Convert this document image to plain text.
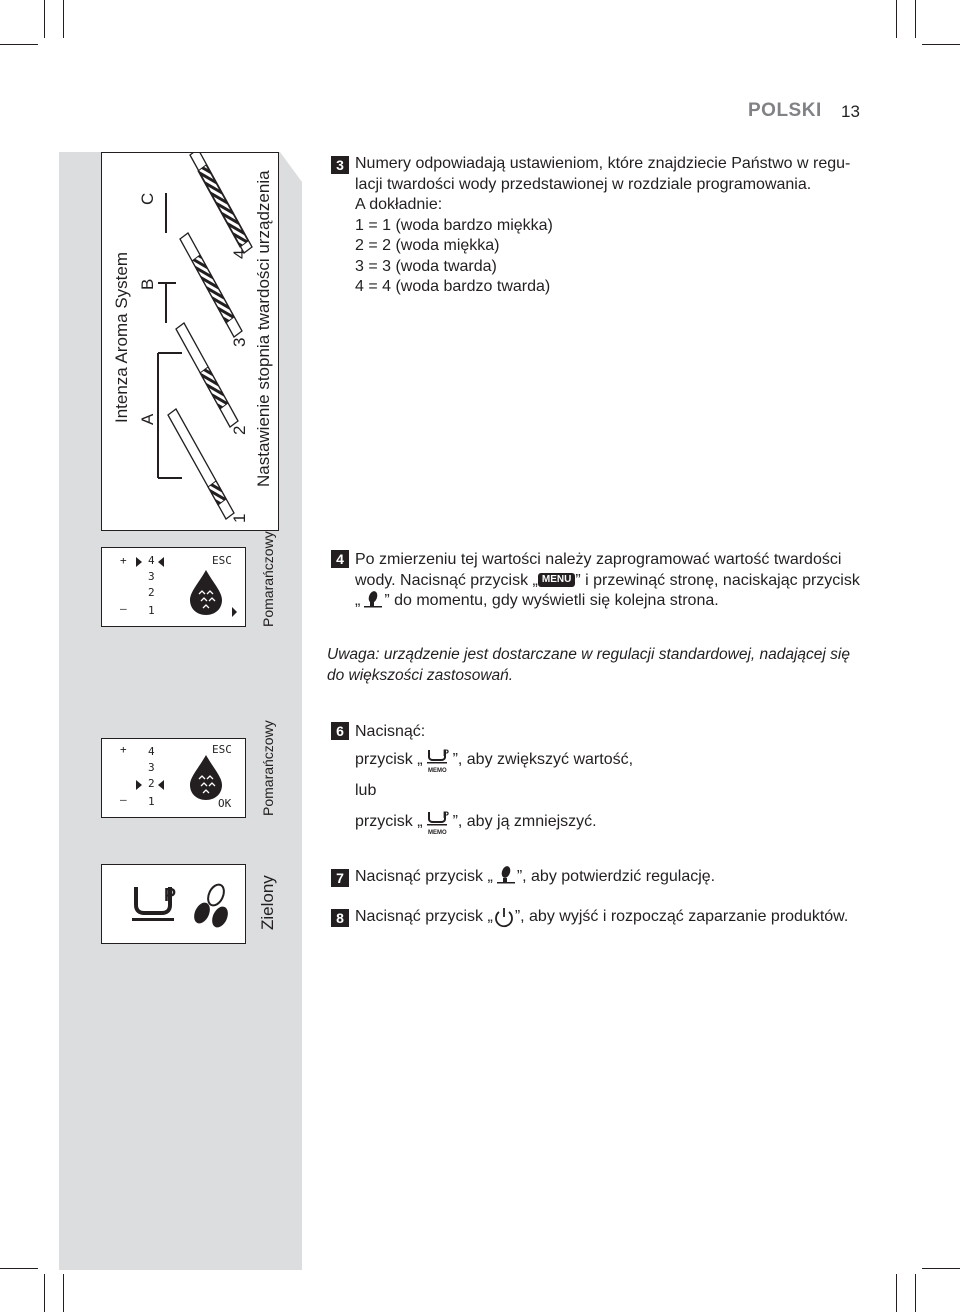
POLSKI 13
Intenza Aroma System A
B
C	Nastawienie stopnia twardości urządzenia
1
2
3
4
+
–
4
3
2
1
ESC Pomarańczowy
+
–
4
3
2
1
ESC
OK Pomarańczowy
P	Zielony
3 Numery odpowiadają ustawieniom, które znajdziecie Państwo w regu-
lacji twardości wody przedstawionej w rozdziale programowania.
A dokładnie:
1 = 1 (woda bardzo miękka)
2 = 2 (woda miękka)
3 = 3 (woda twarda)
4 = 4 (woda bardzo twarda)
4 Po zmierzeniu tej wartości należy zaprogramować wartość twardości
wody. Nacisnąć przycisk „ MENU ” i przewinąć stronę, naciskając przycisk
„ ” do momentu, gdy wyświetli się kolejna strona.
Uwaga: urządzenie jest dostarczane w regulacji standardowej, nadającej się
do większości zastosowań.
6 Nacisnąć:
przycisk „ P
MEMO
”, aby zwiększyć wartość,
lub
przycisk „ P
MEMO
”, aby ją zmniejszyć.
7 Nacisnąć przycisk „ ”, aby potwierdzić regulację.
8 Nacisnąć przycisk „ ”, aby wyjść i rozpocząć zaparzanie produktów.
